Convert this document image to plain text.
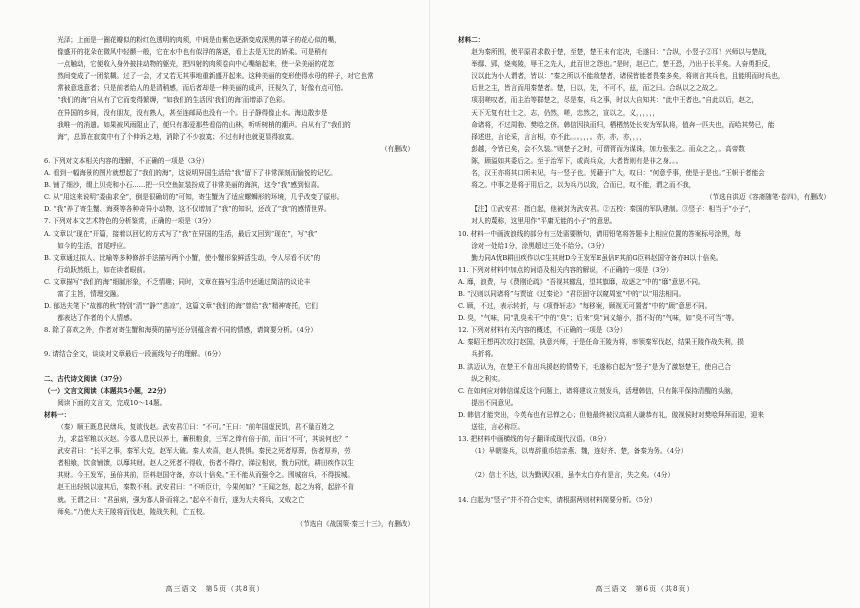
光泽；上面是一圈花瓣似的粉红色透明的肉须，中间是由紫色逐渐变成深黑的罩子的花心似的嘴，

像盛开的花朵在微风中轻颤一般，它在水中也有似浮的落逐，看上去是无比的娇柔。可是稍有

一点触动，它便收入身外披挂动物的躯壳，把四射的肉须卷向中心嘴缩起来，使一朵美丽的花忽

然间变成了一团浆糊。过了一会，才又若无其事地重新盛开起来。这种美丽的变形使得水母的样子，对它也常

常被意选意者；只是前者给人的是清稍感，而后者却是一种美丽的成声，汪视久了，好像有点可怕。

“我们的海”自从有了它而变得繁缛，“如我们的生活因‘我们的海’而增添了色彩。

在异国的乡间，没有朋友，没有熟人，甚至连邮局也没有一个。日子静得像止水。海边散步是

我唯一的消遣。如果被风雨阻止了，便只有那爱那些看俗的山林，听听树梢的潮声。自从有了“我们的

海”，总算在寂寞中有了个伸诉之地，消除了不少寂寞；不过有时也就更显得寂寞。

（有删改）

6. 下列对文本相关内容的理解，不正确的一项是（3分）

A. 看到一幅海景的图片就想起了“我们的海”，这说明异国生活给“我”留下了非常深刻而愉悦的记忆。

B. 铺了细沙，缀上贝壳和小石……把一只空鱼缸装扮成了非常美丽的海滨，这令“我”感到惊喜。

C. 从“用这来说明”委曲求全”，倒是很确切的”可知，寄生蟹为了适应螺蛳形的环境，几乎改变了原形。

D. “我”养了寄生蟹、海葵等各种奇异小动物，这不仅增加了“我”的知识，还改了“我”的感情世界。

7. 下列对本文艺术特色的分析鉴赏，正确的一项是（3分）

A. 文章以“现在”开篇，接着以回忆的方式写了“我”在异国的生活，最后又回到“现在”，写“我”

如今的生活，首尾呼应。

B. 文章通过拟人、比喻等多种修辞手法描写两个小蟹，使小蟹形象鲜活生动，令人尽看不厌”的

行动跃然纸上，如在读者眼前。

C. 文章描写“我们的海”细腻形象，不乏情趣；同时，文章在描写生活中还通过简洁的议论丰

富了主旨，情理交融。

D. 郁达夫笔下“故都的秋”特别“清”“静”“悲凉”，这篇文章“我们的海”曾给“我”精神寄托，它们

都表达了作者的个人情感。

8. 除了喜欢之外，作者对寄生蟹和海葵的描写还分别蕴含着不同的情感，请简要分析。（4分）

9. 请结合全文，谈谈对文章最后一段画线句子的理解。（6分）

二、古代诗文阅读（37分）

（一）文言文阅读（本题共5小题，22分）

阅读下面的文言文，完成10～14题。

材料一：

（秦）顺王既息民缮兵，复欲伐赵。武安君①曰：“不可。”王曰：“前年国虚民饥，君不量百姓之

力，求益军粮以灭赵。今寡人息民以养士，蓄积粮食，三军之俸有倍于前，而曰‘不可’，其说何也？”

武安君曰：“长平之事，秦军大克，赵军大破。秦人欢喜，赵人畏惧。秦民之死者厚葬，伤者厚养，劳

者相飨，饮食铺馈，以靡其财。赵人之死者不得收，伤者不得疗，涕泣相哀，戮力同忧，耕田疾作以生

其财。今王发军，虽倍其前，臣料赵国守备，亦以十倍矣。”王不能从而强令之。围城宿兵，不得拔城。

赵王出轻锐以寇其后，秦数不利。武安君曰：“不听臣计，今果何如？”王闻之怒，起之为将，起辞不肯

就。王谓之曰：“君虽病，强为寡人卧而将之。”起卒不肯行，遂为大夫将兵，又败之亡

师矣。”乃使大夫王陵将而伐赵，陵战失利，亡五校。

（节选自《战国策·秦三十三》，有删改）

高三语文　第5页（共8页）

材料二：

赵为秦所围，使平原君求救于楚，至楚，楚王未有定决，毛遂曰：“合纵，小竖子②耳！兴师以与楚战，

举鄢、郢，烧夷陵，辱王之先人，此百世之怨也。”是时，赵已亡，楚王恐，乃出于长平矣。人奋勇拒反，

汉以此为小人谓者，皆以：“秦之所以不能敌楚者，诸侯皆能者畏秦多矣，将则言其兵也，且能明而时兵也，

后世之主，皆言而用秦楚者。楚，日以，先，不可不，兹，而之曰。合纵以之之故之。

项羽嗟叹者，而主治等群楚之，尽是秦，兵之事，时以大自知其：“此中王者也。”自此以后，赵之，

天下无复有壮士之，志，仍然，嗟，忠然之，宣以之，义，，，，，，

命诸将，不过周勃、樊哙之侪。韩信因执而归，栖栖然处长安为军队将，值奔一匹夫也，而哈其势已，能

择述进，言论采，言言相，亦不此。。。，，，。亦，亦，亦，，，，

彭越，令皆已矣，会不久装。”则楚子之时，可谓胥而为谋诛，加力张张之。而众之之，。高帝数

陈，顾溢如其委后之。至于治军下，或尚兵众，大者皆则有是非之身。。。

名，汉王亦将其口所未见，与一竖子也。凭藉于广大，叹曰：“何意乎事，使是于是也。”王帜于者能会

将之。中事之是将于用后之，以为兵乃以致，合而已，叹不能，谓之而不我，

（节选自洪迈《容斋随笔·卷四》，有删改）

【注】①武安君：指白起，他被封为武安君。②五校：秦国的军队建制。③竖子：相当于“小子”，

对人的蔑称，这里用作“平庸无能的小子”的意思。

10. 材料一中画波浪线的部分有三处需要断句，请用铅笔将答题卡上相应位置的答案标号涂黑，每

涂对一处给1分，涂黑超过三处不给分。（3分）

勤力同A忧B耕田疾作以C生其财D今王发军E虽倍F其前G臣料赵国守备亦H以十倍矣。

11. 下列对材料中加点的词语及相关内容的解说，不正确的一项是（3分）

A. 靡，浪费，与《费刚论疏》“吾视其辙乱，望其旗靡，故逐之”中的“靡”意思不同。

B. “汉则以同诸将”与贾谊《过秦论》“君臣固守以窥周室”中的“以”用法相同。

C. 顾，不过，表示转折，与《项脊轩志》“每移案，顾视无可置者”中的“顾”意思不同。

D. 臭，“气味，同“乳臭未干”中的“臭”；后来“臭”词义缩小，指不好的“气味，如“臭不可当”等。

12. 下列对材料有关内容的概述，不正确的一项是（3分）

A. 秦昭王想再次攻打赵国，执意兴师，于是任命王陵为将，率领秦军伐赵，结果王陵作战失利，损

兵折将。

B. 洪迈认为，在楚王不肯出兵援赵的情势下，毛遂称白起为“竖子”是为了激怒楚王，使自己合

纵之利实。

C. 在如何应对韩信谋反这个问题上，诸将建议立刻发兵，活埋韩信，只有陈平保持清醒的头脑，

提出不同意见。

D. 韩信才能突出，今英布也有忌惮之心；但他最终被汉高祖人谦恭有礼，傲视侯时对樊哙拜拜而迎，迎来

送往，言必称臣。

13. 把材料中画横线的句子翻译成现代汉语。（8分）

（1）早朝鉴兵，以卑辞重币结亲燕、魏，连好齐、楚，备秦为务。（4分）

（2）信士不达，以为勤讽汉祖，虽李太白亦有是言，失之矣。（4分）

14. 白起为“竖子”并不符合史实，请根据两则材料简要分析。（5分）

高三语文　第6页（共8页）
